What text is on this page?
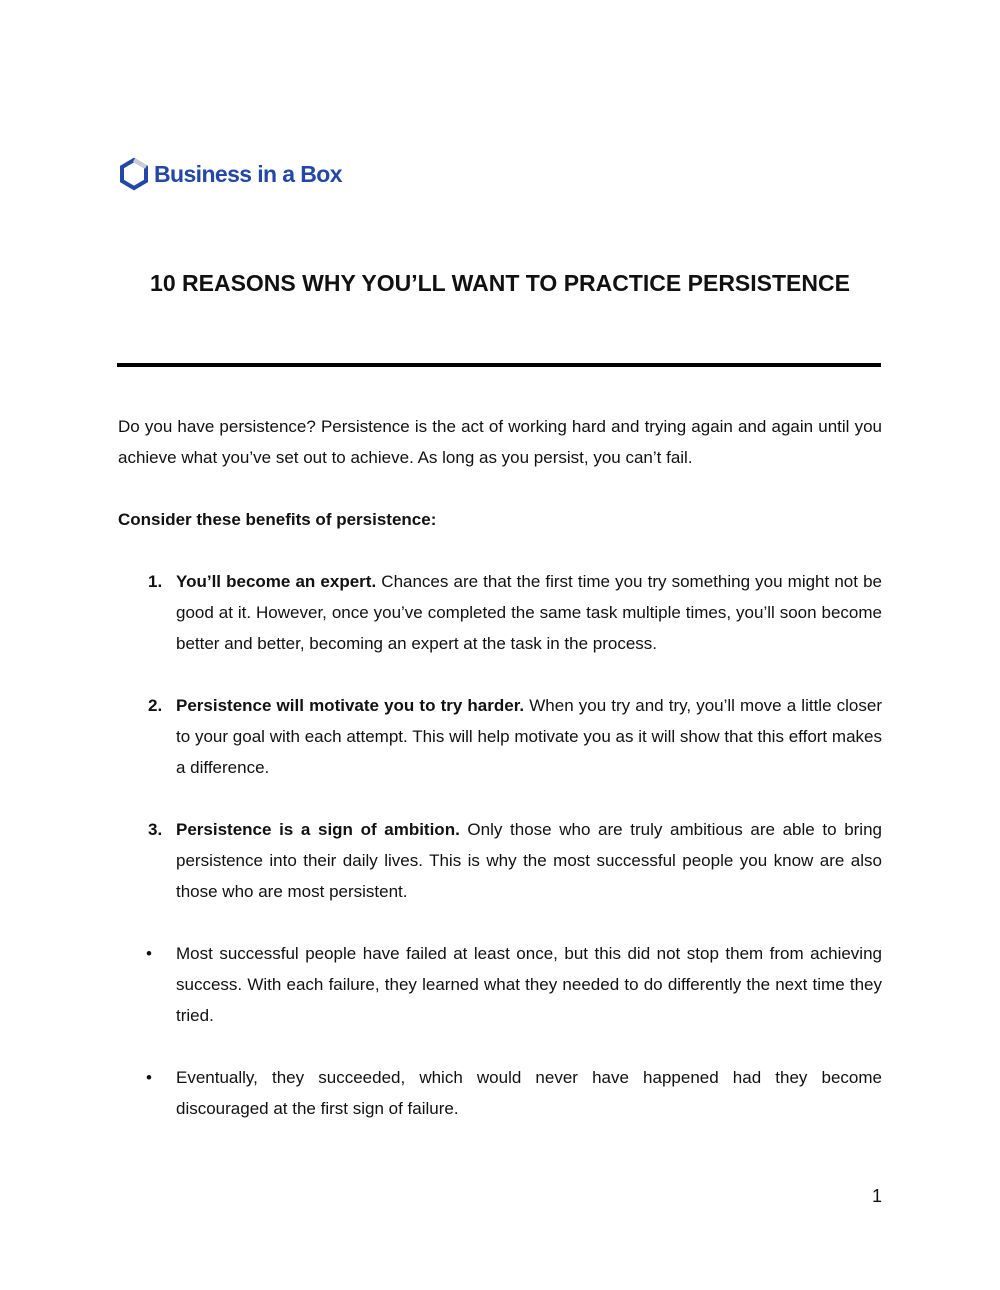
Business in a Box
10 REASONS WHY YOU’LL WANT TO PRACTICE PERSISTENCE

Do you have persistence? Persistence is the act of working hard and trying again and again until you achieve what you’ve set out to achieve. As long as you persist, you can’t fail.

Consider these benefits of persistence:

1. You’ll become an expert. Chances are that the first time you try something you might not be good at it. However, once you’ve completed the same task multiple times, you’ll soon become better and better, becoming an expert at the task in the process.
2. Persistence will motivate you to try harder. When you try and try, you’ll move a little closer to your goal with each attempt. This will help motivate you as it will show that this effort makes a difference.
3. Persistence is a sign of ambition. Only those who are truly ambitious are able to bring persistence into their daily lives. This is why the most successful people you know are also those who are most persistent.
• Most successful people have failed at least once, but this did not stop them from achieving success. With each failure, they learned what they needed to do differently the next time they tried.
• Eventually, they succeeded, which would never have happened had they become discouraged at the first sign of failure.
1
